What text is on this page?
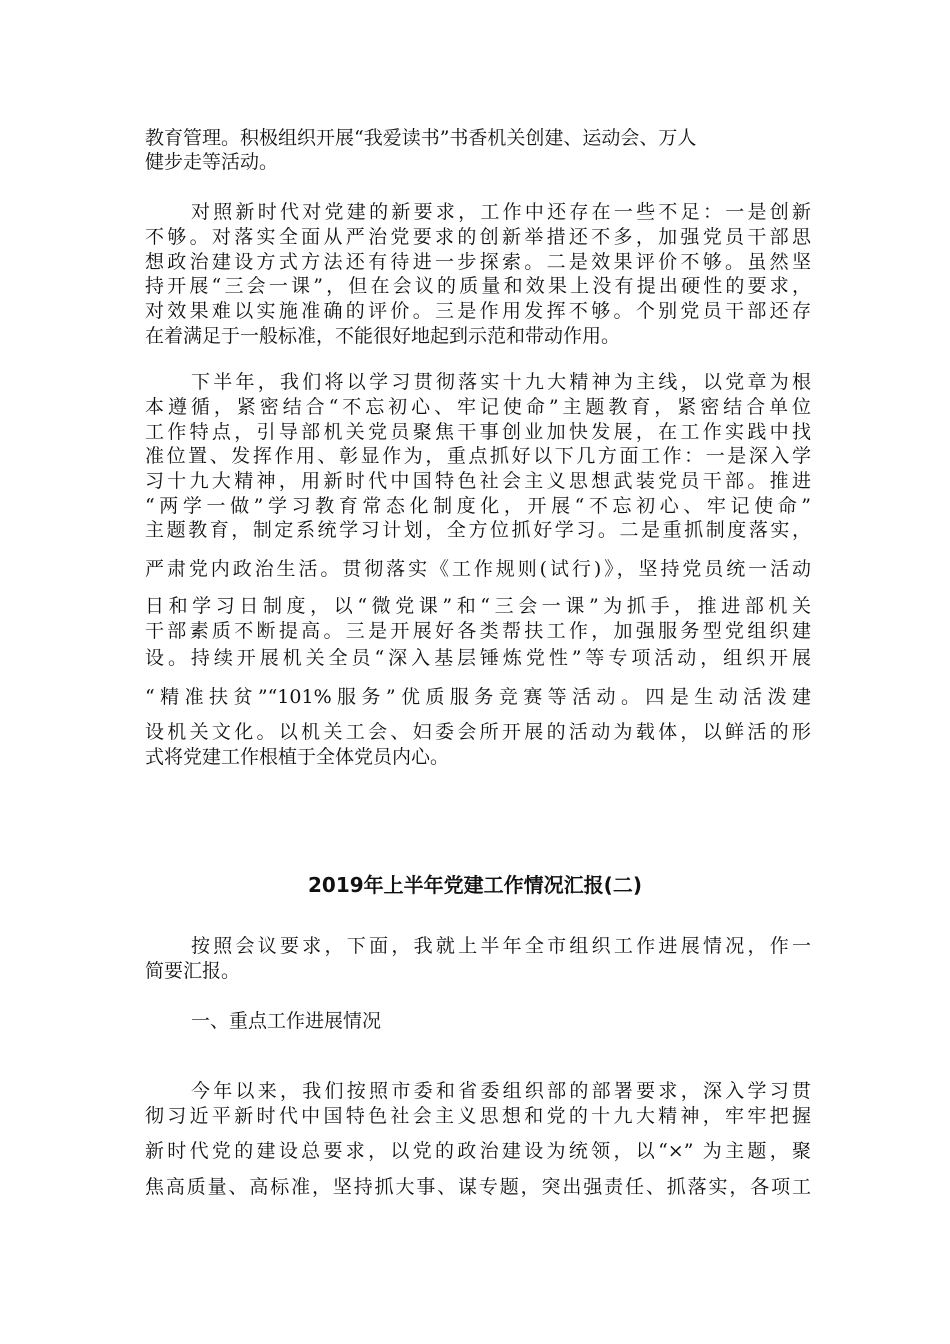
教育管理。积极组织开展“我爱读书”书香机关创建、运动会、万人
健步走等活动。
对照新时代对党建的新要求，工作中还存在一些不足：一是创新
不够。对落实全面从严治党要求的创新举措还不多，加强党员干部思
想政治建设方式方法还有待进一步探索。二是效果评价不够。虽然坚
持开展“三会一课”，但在会议的质量和效果上没有提出硬性的要求，
对效果难以实施准确的评价。三是作用发挥不够。个别党员干部还存
在着满足于一般标准，不能很好地起到示范和带动作用。
下半年，我们将以学习贯彻落实十九大精神为主线，以党章为根
本遵循，紧密结合“不忘初心、牢记使命”主题教育，紧密结合单位
工作特点，引导部机关党员聚焦干事创业加快发展，在工作实践中找
准位置、发挥作用、彰显作为，重点抓好以下几方面工作：一是深入学
习十九大精神，用新时代中国特色社会主义思想武装党员干部。推进
“两学一做”学习教育常态化制度化，开展“不忘初心、牢记使命”
主题教育，制定系统学习计划，全方位抓好学习。二是重抓制度落实，
严肃党内政治生活。贯彻落实《工作规则(试行)》，坚持党员统一活动
日和学习日制度，以“微党课”和“三会一课”为抓手，推进部机关
干部素质不断提高。三是开展好各类帮扶工作，加强服务型党组织建
设。持续开展机关全员“深入基层锤炼党性”等专项活动，组织开展
“精准扶贫”“101%服务”优质服务竞赛等活动。四是生动活泼建
设机关文化。以机关工会、妇委会所开展的活动为载体，以鲜活的形
式将党建工作根植于全体党员内心。
2019年上半年党建工作情况汇报(二)
按照会议要求，下面，我就上半年全市组织工作进展情况，作一
简要汇报。
一、重点工作进展情况
今年以来，我们按照市委和省委组织部的部署要求，深入学习贯
彻习近平新时代中国特色社会主义思想和党的十九大精神，牢牢把握
新时代党的建设总要求，以党的政治建设为统领，以“×” 为主题，聚
焦高质量、高标准，坚持抓大事、谋专题，突出强责任、抓落实，各项工
